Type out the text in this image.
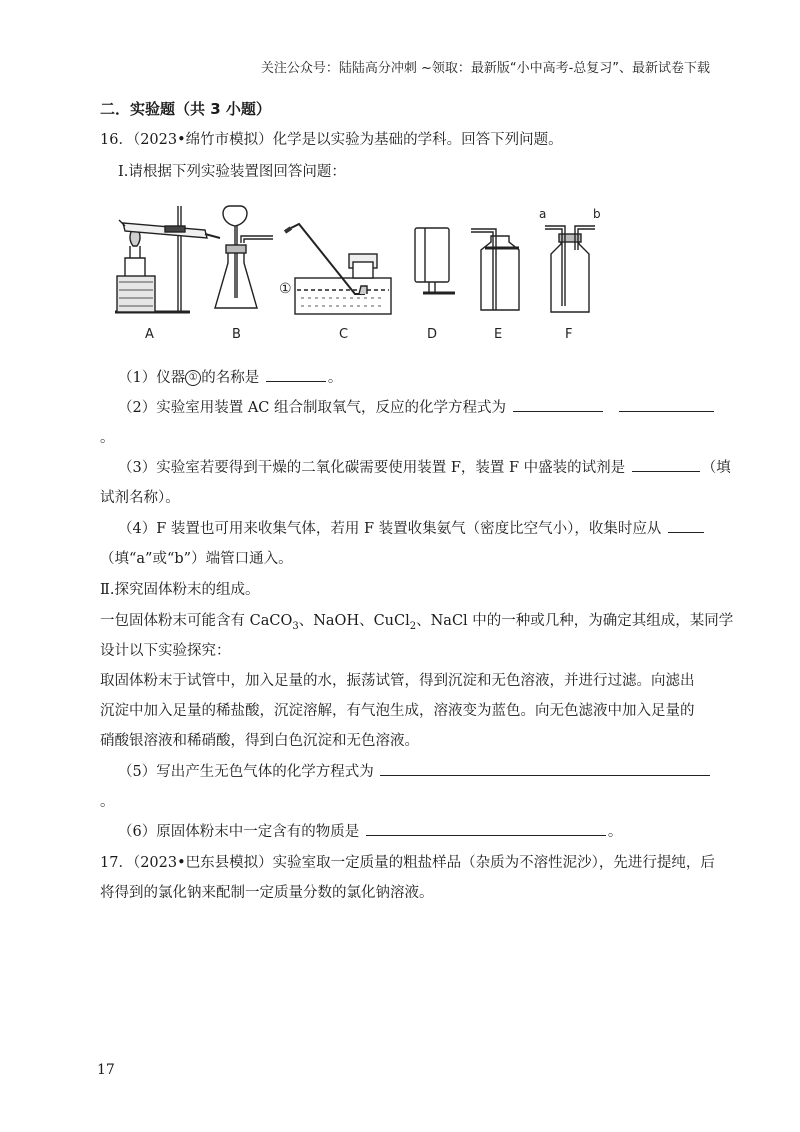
关注公众号：陆陆高分冲刺 ~领取：最新版“小中高考-总复习”、最新试卷下载
二．实验题（共 3 小题）
16．（2023•绵竹市模拟）化学是以实验为基础的学科。回答下列问题。
Ⅰ.请根据下列实验装置图回答问题：
A	B
①
C	D	E
a	b
F
（1）仪器 ① 的名称是	。
（2）实验室用装置 AC 组合制取氧气，反应的化学方程式为
。
（3）实验室若要得到干燥的二氧化碳需要使用装置 F，装置 F 中盛装的试剂是	（填
试剂名称）。
（4）F 装置也可用来收集气体，若用 F 装置收集氨气（密度比空气小），收集时应从
（填“a”或“b”）端管口通入。
Ⅱ.探究固体粉末的组成。
一包固体粉末可能含有 CaCO$_3$、NaOH、CuCl$_2$、NaCl 中的一种或几种，为确定其组成，某同学
设计以下实验探究：
取固体粉末于试管中，加入足量的水，振荡试管，得到沉淀和无色溶液，并进行过滤。向滤出
沉淀中加入足量的稀盐酸，沉淀溶解，有气泡生成，溶液变为蓝色。向无色滤液中加入足量的
硝酸银溶液和稀硝酸，得到白色沉淀和无色溶液。
（5）写出产生无色气体的化学方程式为
。
（6）原固体粉末中一定含有的物质是	。
17．（2023•巴东县模拟）实验室取一定质量的粗盐样品（杂质为不溶性泥沙），先进行提纯，后
将得到的氯化钠来配制一定质量分数的氯化钠溶液。
17
